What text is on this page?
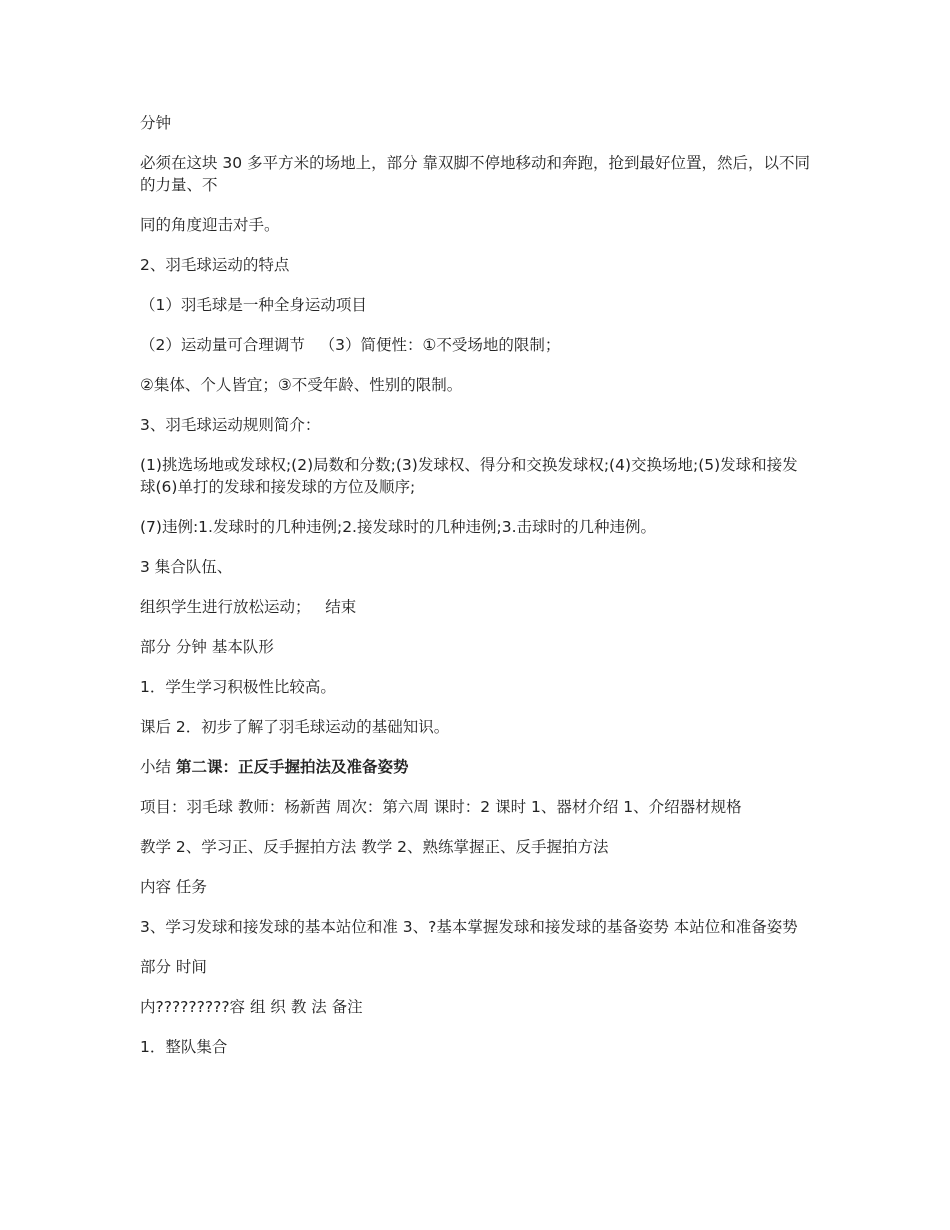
分钟

必须在这块 30 多平方米的场地上，部分 靠双脚不停地移动和奔跑，抢到最好位置，然后，以不同的力量、不

同的角度迎击对手。

2、羽毛球运动的特点

（1）羽毛球是一种全身运动项目

（2）运动量可合理调节   （3）简便性：①不受场地的限制；

②集体、个人皆宜；③不受年龄、性别的限制。

3、羽毛球运动规则简介：

(1)挑选场地或发球权;(2)局数和分数;(3)发球权、得分和交换发球权;(4)交换场地;(5)发球和接发球(6)单打的发球和接发球的方位及顺序;

(7)违例:1.发球时的几种违例;2.接发球时的几种违例;3.击球时的几种违例。

3 集合队伍、

组织学生进行放松运动；   结束

部分 分钟 基本队形

1．学生学习积极性比较高。

课后 2．初步了解了羽毛球运动的基础知识。

小结 第二课：正反手握拍法及准备姿势

项目：羽毛球 教师：杨新茜 周次：第六周 课时：2 课时 1、器材介绍 1、介绍器材规格

教学 2、学习正、反手握拍方法 教学 2、熟练掌握正、反手握拍方法

内容 任务

3、学习发球和接发球的基本站位和准 3、?基本掌握发球和接发球的基备姿势 本站位和准备姿势

部分 时间

内?????????容 组 织 教 法 备注

1．整队集合
